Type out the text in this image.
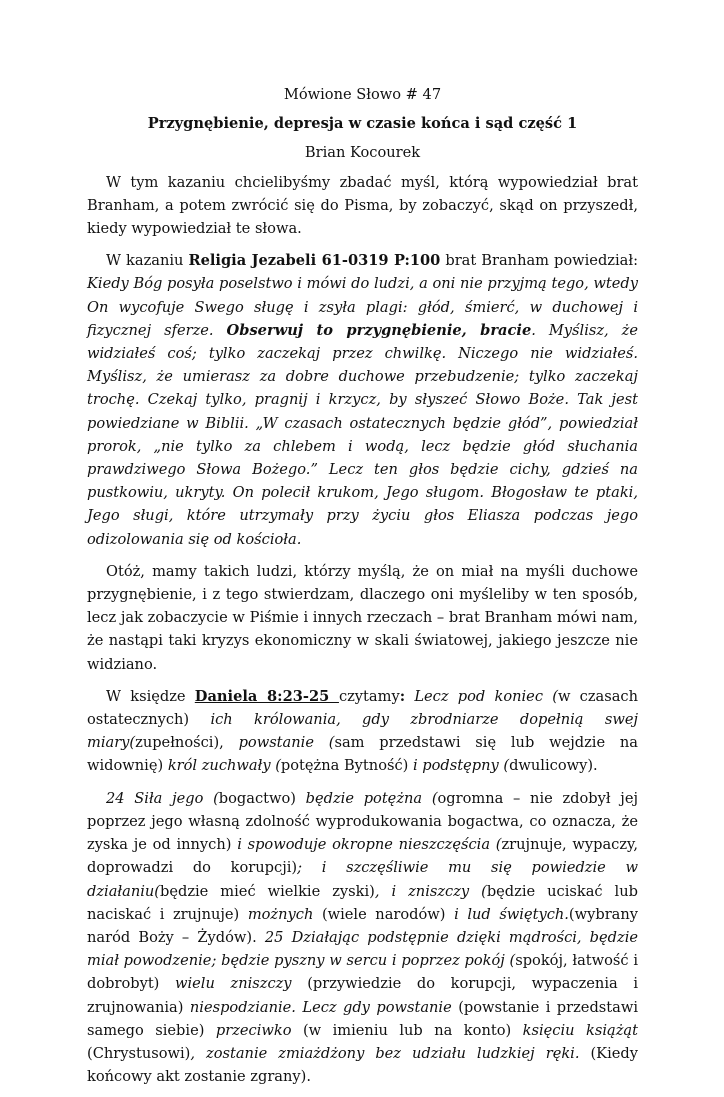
Mówione Słowo # 47
Przygnębienie, depresja w czasie końca i sąd część 1
Brian Kocourek

W tym kazaniu chcielibyśmy zbadać myśl, którą wypowiedział brat Branham, a potem zwrócić się do Pisma, by zobaczyć, skąd on przyszedł, kiedy wypowiedział te słowa.

W kazaniu Religia Jezabeli 61-0319 P:100 brat Branham powiedział: Kiedy Bóg posyła poselstwo i mówi do ludzi, a oni nie przyjmą tego, wtedy On wycofuje Swego sługę i zsyła plagi: głód, śmierć, w duchowej i fizycznej sferze. Obserwuj to przygnębienie, bracie. Myślisz, że widziałeś coś; tylko zaczekaj przez chwilkę. Niczego nie widziałeś. Myślisz, że umierasz za dobre duchowe przebudzenie; tylko zaczekaj trochę. Czekaj tylko, pragnij i krzycz, by słyszeć Słowo Boże. Tak jest powiedziane w Biblii. „W czasach ostatecznych będzie głód”, powiedział prorok, „nie tylko za chlebem i wodą, lecz będzie głód słuchania prawdziwego Słowa Bożego.” Lecz ten głos będzie cichy, gdzieś na pustkowiu, ukryty. On polecił krukom, Jego sługom. Błogosław te ptaki, Jego sługi, które utrzymały przy życiu głos Eliasza podczas jego odizolowania się od kościoła.

Otóż, mamy takich ludzi, którzy myślą, że on miał na myśli duchowe przygnębienie, i z tego stwierdzam, dlaczego oni myśleliby w ten sposób, lecz jak zobaczycie w Piśmie i innych rzeczach – brat Branham mówi nam, że nastąpi taki kryzys ekonomiczny w skali światowej, jakiego jeszcze nie widziano.

W księdze Daniela 8:23-25 czytamy: Lecz pod koniec (w czasach ostatecznych) ich królowania, gdy zbrodniarze dopełnią swej miary(zupełności), powstanie (sam przedstawi się lub wejdzie na widownię) król zuchwały (potężna Bytność) i podstępny (dwulicowy).

24 Siła jego (bogactwo) będzie potężna (ogromna – nie zdobył jej poprzez jego własną zdolność wyprodukowania bogactwa, co oznacza, że zyska je od innych) i spowoduje okropne nieszczęścia (zrujnuje, wypaczy, doprowadzi do korupcji); i szczęśliwie mu się powiedzie w działaniu(będzie mieć wielkie zyski), i zniszczy (będzie uciskać lub naciskać i zrujnuje) możnych (wiele narodów) i lud świętych.(wybrany naród Boży – Żydów). 25 Działając podstępnie dzięki mądrości, będzie miał powodzenie; będzie pyszny w sercu i poprzez pokój (spokój, łatwość i dobrobyt) wielu zniszczy (przywiedzie do korupcji, wypaczenia i zrujnowania) niespodzianie. Lecz gdy powstanie (powstanie i przedstawi samego siebie) przeciwko (w imieniu lub na konto) księciu książąt (Chrystusowi), zostanie zmiażdżony bez udziału ludzkiej ręki. (Kiedy końcowy akt zostanie zgrany).
